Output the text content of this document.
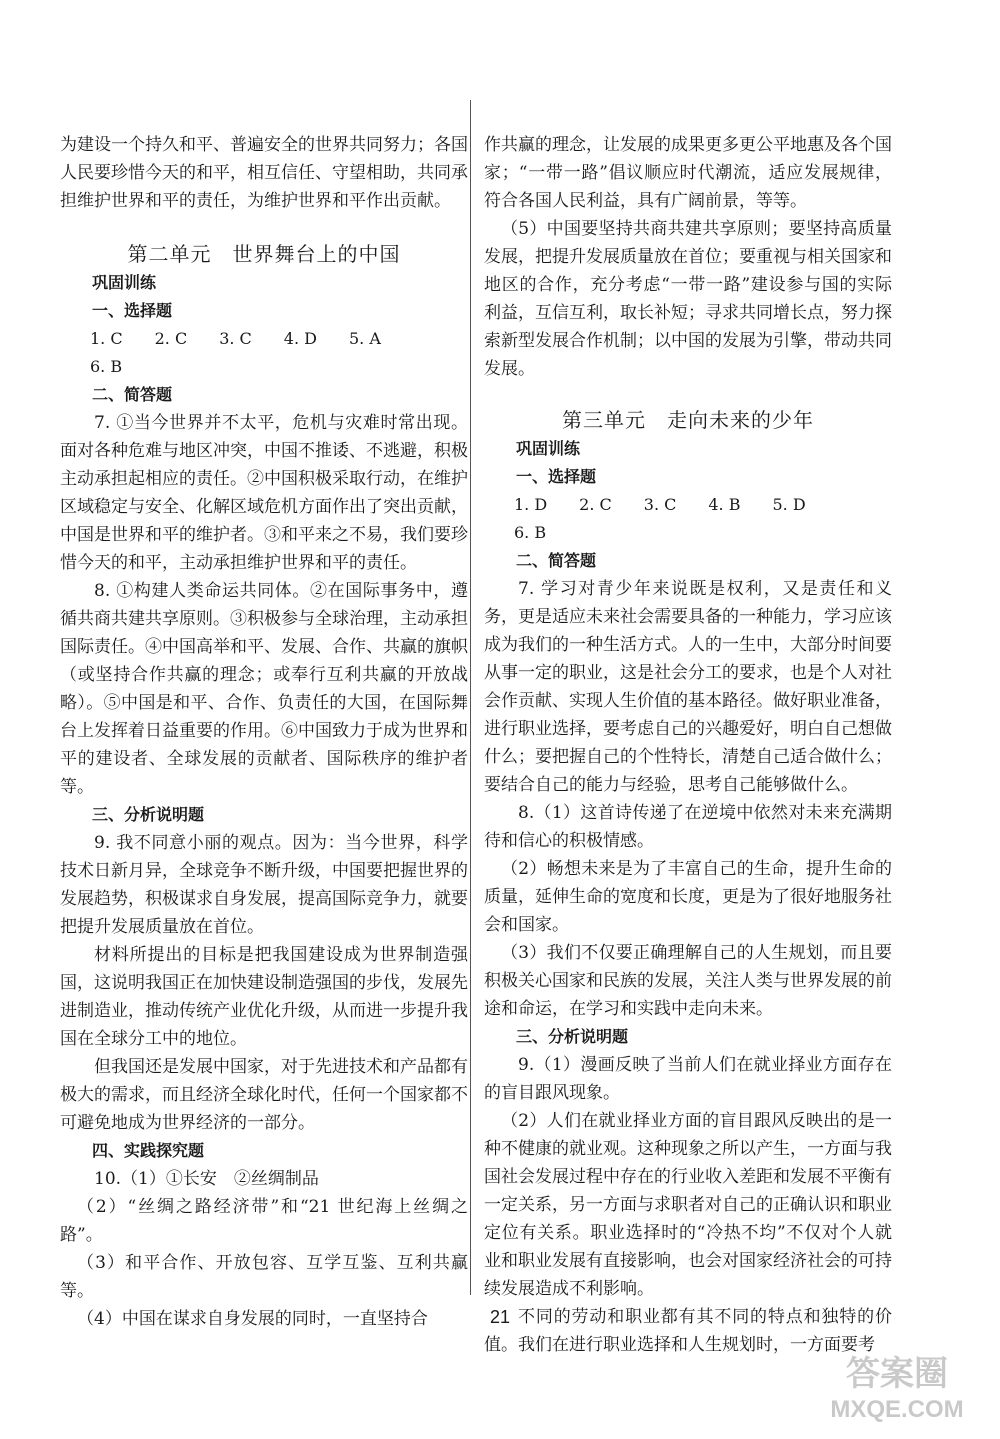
为建设一个持久和平、普遍安全的世界共同努力；各国人民要珍惜今天的和平，相互信任、守望相助，共同承担维护世界和平的责任，为维护世界和平作出贡献。

第二单元　世界舞台上的中国

巩固训练

一、选择题

1. C　　2. C　　3. C　　4. D　　5. A

6. B

二、简答题

7. ①当今世界并不太平，危机与灾难时常出现。面对各种危难与地区冲突，中国不推诿、不逃避，积极主动承担起相应的责任。②中国积极采取行动，在维护区域稳定与安全、化解区域危机方面作出了突出贡献，中国是世界和平的维护者。③和平来之不易，我们要珍惜今天的和平，主动承担维护世界和平的责任。

8. ①构建人类命运共同体。②在国际事务中，遵循共商共建共享原则。③积极参与全球治理，主动承担国际责任。④中国高举和平、发展、合作、共赢的旗帜（或坚持合作共赢的理念；或奉行互利共赢的开放战略）。⑤中国是和平、合作、负责任的大国，在国际舞台上发挥着日益重要的作用。⑥中国致力于成为世界和平的建设者、全球发展的贡献者、国际秩序的维护者等。

三、分析说明题

9. 我不同意小丽的观点。因为：当今世界，科学技术日新月异，全球竞争不断升级，中国要把握世界的发展趋势，积极谋求自身发展，提高国际竞争力，就要把提升发展质量放在首位。

材料所提出的目标是把我国建设成为世界制造强国，这说明我国正在加快建设制造强国的步伐，发展先进制造业，推动传统产业优化升级，从而进一步提升我国在全球分工中的地位。

但我国还是发展中国家，对于先进技术和产品都有极大的需求，而且经济全球化时代，任何一个国家都不可避免地成为世界经济的一部分。

四、实践探究题

10.（1）①长安　②丝绸制品

（2）“丝绸之路经济带”和“21 世纪海上丝绸之路”。

（3）和平合作、开放包容、互学互鉴、互利共赢等。

（4）中国在谋求自身发展的同时，一直坚持合

作共赢的理念，让发展的成果更多更公平地惠及各个国家；“一带一路”倡议顺应时代潮流，适应发展规律，符合各国人民利益，具有广阔前景，等等。

（5）中国要坚持共商共建共享原则；要坚持高质量发展，把提升发展质量放在首位；要重视与相关国家和地区的合作，充分考虑“一带一路”建设参与国的实际利益，互信互利，取长补短；寻求共同增长点，努力探索新型发展合作机制；以中国的发展为引擎，带动共同发展。

第三单元　走向未来的少年

巩固训练

一、选择题

1. D　　2. C　　3. C　　4. B　　5. D

6. B

二、简答题

7. 学习对青少年来说既是权利，又是责任和义务，更是适应未来社会需要具备的一种能力，学习应该成为我们的一种生活方式。人的一生中，大部分时间要从事一定的职业，这是社会分工的要求，也是个人对社会作贡献、实现人生价值的基本路径。做好职业准备，进行职业选择，要考虑自己的兴趣爱好，明白自己想做什么；要把握自己的个性特长，清楚自己适合做什么；要结合自己的能力与经验，思考自己能够做什么。

8.（1）这首诗传递了在逆境中依然对未来充满期待和信心的积极情感。

（2）畅想未来是为了丰富自己的生命，提升生命的质量，延伸生命的宽度和长度，更是为了很好地服务社会和国家。

（3）我们不仅要正确理解自己的人生规划，而且要积极关心国家和民族的发展，关注人类与世界发展的前途和命运，在学习和实践中走向未来。

三、分析说明题

9.（1）漫画反映了当前人们在就业择业方面存在的盲目跟风现象。

（2）人们在就业择业方面的盲目跟风反映出的是一种不健康的就业观。这种现象之所以产生，一方面与我国社会发展过程中存在的行业收入差距和发展不平衡有一定关系，另一方面与求职者对自己的正确认识和职业定位有关系。职业选择时的“冷热不均”不仅对个人就业和职业发展有直接影响，也会对国家经济社会的可持续发展造成不利影响。

不同的劳动和职业都有其不同的特点和独特的价值。我们在进行职业选择和人生规划时，一方面要考

21
答案圈
MXQE.COM
